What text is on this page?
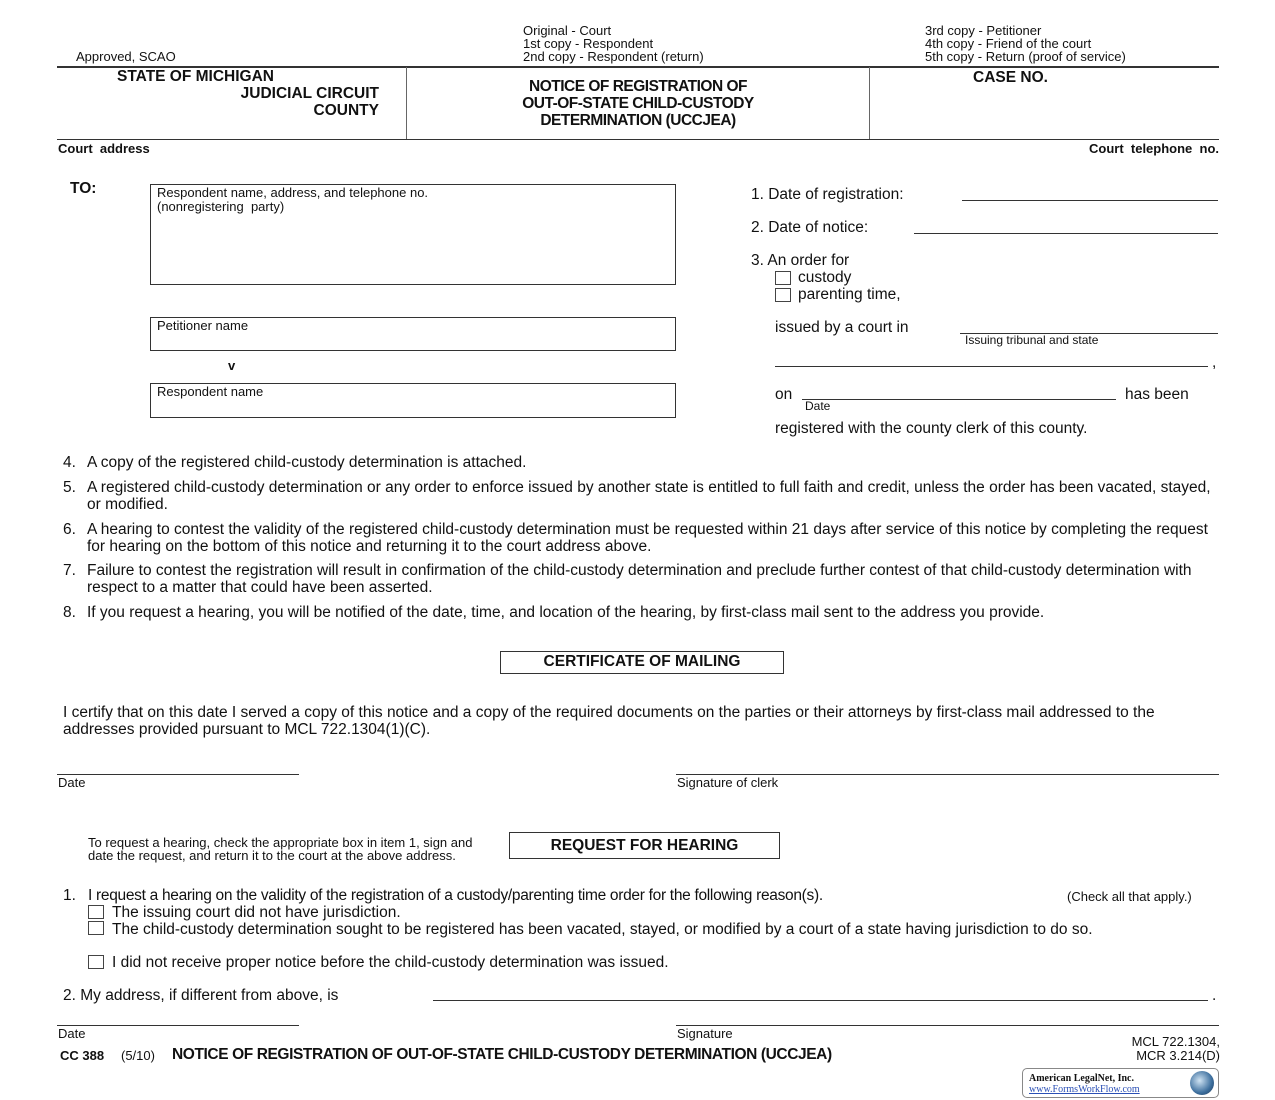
Approved, SCAO
Original - Court
1st copy - Respondent
2nd copy - Respondent (return)
3rd copy - Petitioner
4th copy - Friend of the court
5th copy - Return (proof of service)
STATE OF MICHIGAN
JUDICIAL CIRCUIT
COUNTY
NOTICE OF REGISTRATION OF
OUT-OF-STATE CHILD-CUSTODY
DETERMINATION (UCCJEA)
CASE NO.
Court  address	Court  telephone  no.
TO:	Respondent name, address, and telephone no.
(nonregistering  party)
Petitioner name
v
Respondent name
1. Date of registration:
2. Date of notice:
3. An order for
custody
parenting time,
issued by a court in
Issuing tribunal and state
,
on
Date
has been
registered with the county clerk of this county.
4. A copy of the registered child-custody determination is attached.
5. A registered child-custody determination or any order to enforce issued by another state is entitled to full faith and credit, unless the order has been vacated, stayed, or modified.
6. A hearing to contest the validity of the registered child-custody determination must be requested within 21 days after service of this notice by completing the request for hearing on the bottom of this notice and returning it to the court address above.
7. Failure to contest the registration will result in confirmation of the child-custody determination and preclude further contest of that child-custody determination with respect to a matter that could have been asserted.
8. If you request a hearing, you will be notified of the date, time, and location of the hearing, by first-class mail sent to the address you provide.
CERTIFICATE OF MAILING
I certify that on this date I served a copy of this notice and a copy of the required documents on the parties or their attorneys by first-class mail addressed to the addresses provided pursuant to MCL 722.1304(1)(C).
Date	Signature of clerk
To request a hearing, check the appropriate box in item 1, sign and date the request, and return it to the court at the above address.
REQUEST FOR HEARING
1. I request a hearing on the validity of the registration of a custody/parenting time order for the following reason(s).	(Check all that apply.)
The issuing court did not have jurisdiction.
The child-custody determination sought to be registered has been vacated, stayed, or modified by a court of a state having jurisdiction to do so.
I did not receive proper notice before the child-custody determination was issued.
2. My address, if different from above, is	.
Date	Signature
CC 388 (5/10) NOTICE OF REGISTRATION OF OUT-OF-STATE CHILD-CUSTODY DETERMINATION (UCCJEA)
MCL 722.1304,
MCR 3.214(D)
American LegalNet, Inc.
www.FormsWorkFlow.com
